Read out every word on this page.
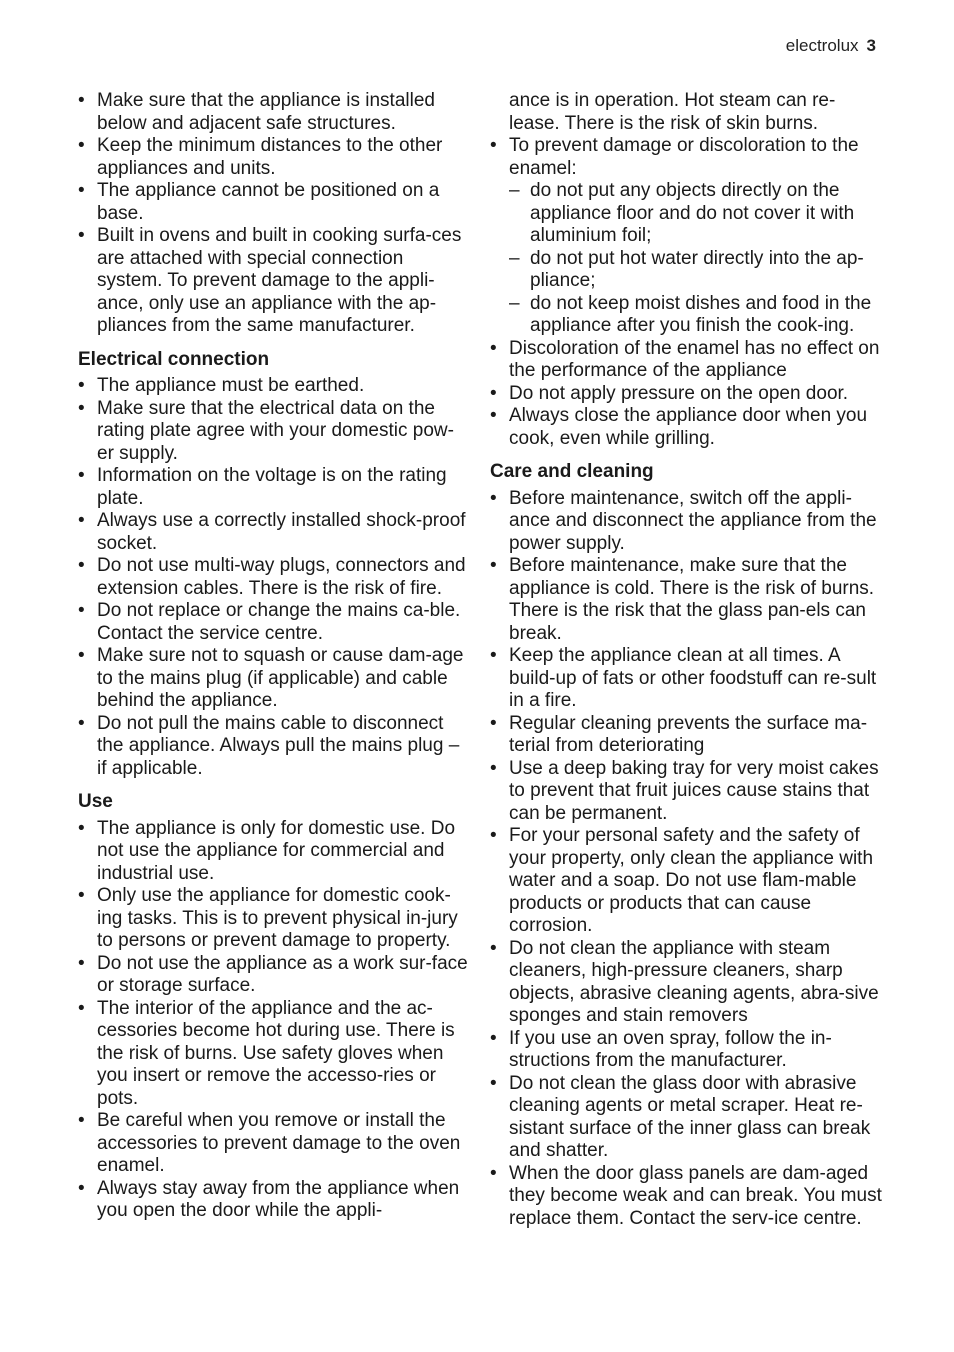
electrolux 3
• Make sure that the appliance is installed below and adjacent safe structures.
• Keep the minimum distances to the other appliances and units.
• The appliance cannot be positioned on a base.
• Built in ovens and built in cooking surfa-ces are attached with special connection system. To prevent damage to the appli-ance, only use an appliance with the ap-pliances from the same manufacturer.
Electrical connection
• The appliance must be earthed.
• Make sure that the electrical data on the rating plate agree with your domestic pow-er supply.
• Information on the voltage is on the rating plate.
• Always use a correctly installed shock-proof socket.
• Do not use multi-way plugs, connectors and extension cables. There is the risk of fire.
• Do not replace or change the mains ca-ble. Contact the service centre.
• Make sure not to squash or cause dam-age to the mains plug (if applicable) and cable behind the appliance.
• Do not pull the mains cable to disconnect the appliance. Always pull the mains plug – if applicable.
Use
• The appliance is only for domestic use. Do not use the appliance for commercial and industrial use.
• Only use the appliance for domestic cook-ing tasks. This is to prevent physical in-jury to persons or prevent damage to property.
• Do not use the appliance as a work sur-face or storage surface.
• The interior of the appliance and the ac-cessories become hot during use. There is the risk of burns. Use safety gloves when you insert or remove the accesso-ries or pots.
• Be careful when you remove or install the accessories to prevent damage to the oven enamel.
• Always stay away from the appliance when you open the door while the appli-

ance is in operation. Hot steam can re-lease. There is the risk of skin burns.

• To prevent damage or discoloration to the enamel:
– do not put any objects directly on the appliance floor and do not cover it with aluminium foil;
– do not put hot water directly into the ap-pliance;
– do not keep moist dishes and food in the appliance after you finish the cook-ing.
• Discoloration of the enamel has no effect on the performance of the appliance
• Do not apply pressure on the open door.
• Always close the appliance door when you cook, even while grilling.
Care and cleaning
• Before maintenance, switch off the appli-ance and disconnect the appliance from the power supply.
• Before maintenance, make sure that the appliance is cold. There is the risk of burns. There is the risk that the glass pan-els can break.
• Keep the appliance clean at all times. A build-up of fats or other foodstuff can re-sult in a fire.
• Regular cleaning prevents the surface ma-terial from deteriorating
• Use a deep baking tray for very moist cakes to prevent that fruit juices cause stains that can be permanent.
• For your personal safety and the safety of your property, only clean the appliance with water and a soap. Do not use flam-mable products or products that can cause corrosion.
• Do not clean the appliance with steam cleaners, high-pressure cleaners, sharp objects, abrasive cleaning agents, abra-sive sponges and stain removers
• If you use an oven spray, follow the in-structions from the manufacturer.
• Do not clean the glass door with abrasive cleaning agents or metal scraper. Heat re-sistant surface of the inner glass can break and shatter.
• When the door glass panels are dam-aged they become weak and can break. You must replace them. Contact the serv-ice centre.
